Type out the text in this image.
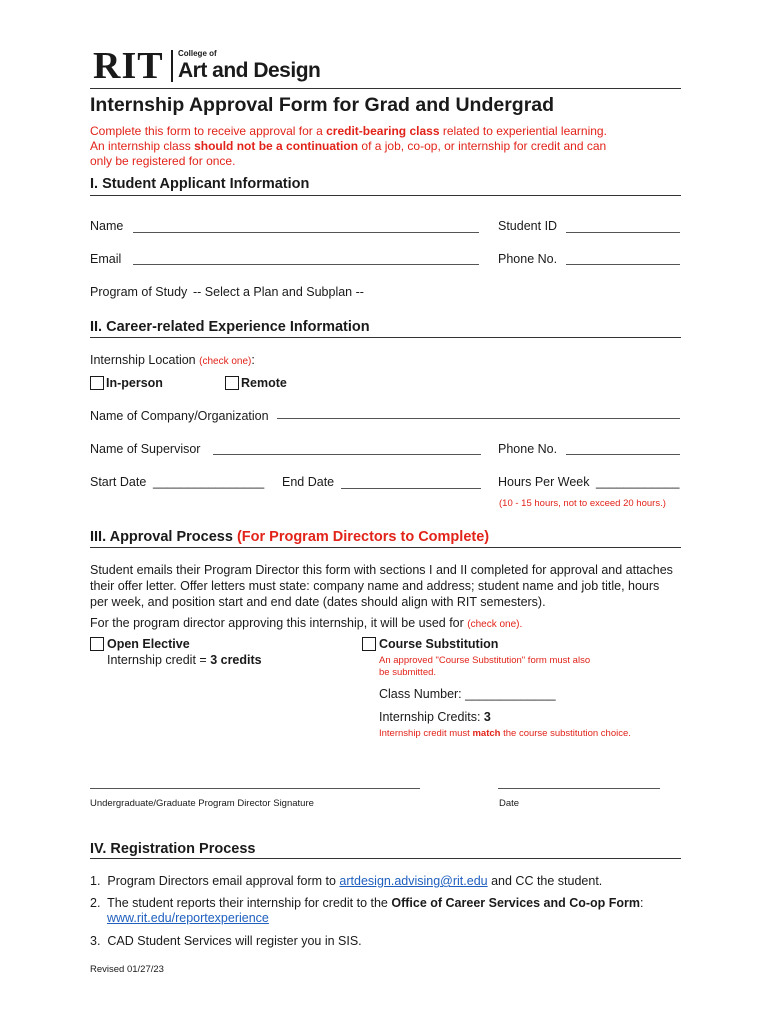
RIT College of
Art and Design
Internship Approval Form for Grad and Undergrad
Complete this form to receive approval for a credit-bearing class related to experiential learning.
An internship class should not be a continuation of a job, co-op, or internship for credit and can
only be registered for once.
I. Student Applicant Information
Name	Student ID
Email	Phone No.
Program of Study -- Select a Plan and Subplan --
II. Career-related Experience Information
Internship Location (check one):
In-person	Remote
Name of Company/Organization
Name of Supervisor	Phone No.
Start Date ________________ End Date	Hours Per Week ____________
(10 - 15 hours, not to exceed 20 hours.)
III. Approval Process (For Program Directors to Complete)
Student emails their Program Director this form with sections I and II completed for approval and attaches their offer letter. Offer letters must state: company name and address; student name and job title, hours per week, and position start and end date (dates should align with RIT semesters).
For the program director approving this internship, it will be used for (check one).
Open Elective
Internship credit = 3 credits
Course Substitution
An approved "Course Substitution" form must also
be submitted.
Class Number: _____________
Internship Credits: 3
Internship credit must match the course substitution choice.
Undergraduate/Graduate Program Director Signature	Date
IV. Registration Process
1. Program Directors email approval form to artdesign.advising@rit.edu and CC the student.
2. The student reports their internship for credit to the Office of Career Services and Co-op Form:
www.rit.edu/reportexperience
3. CAD Student Services will register you in SIS.
Revised 01/27/23
